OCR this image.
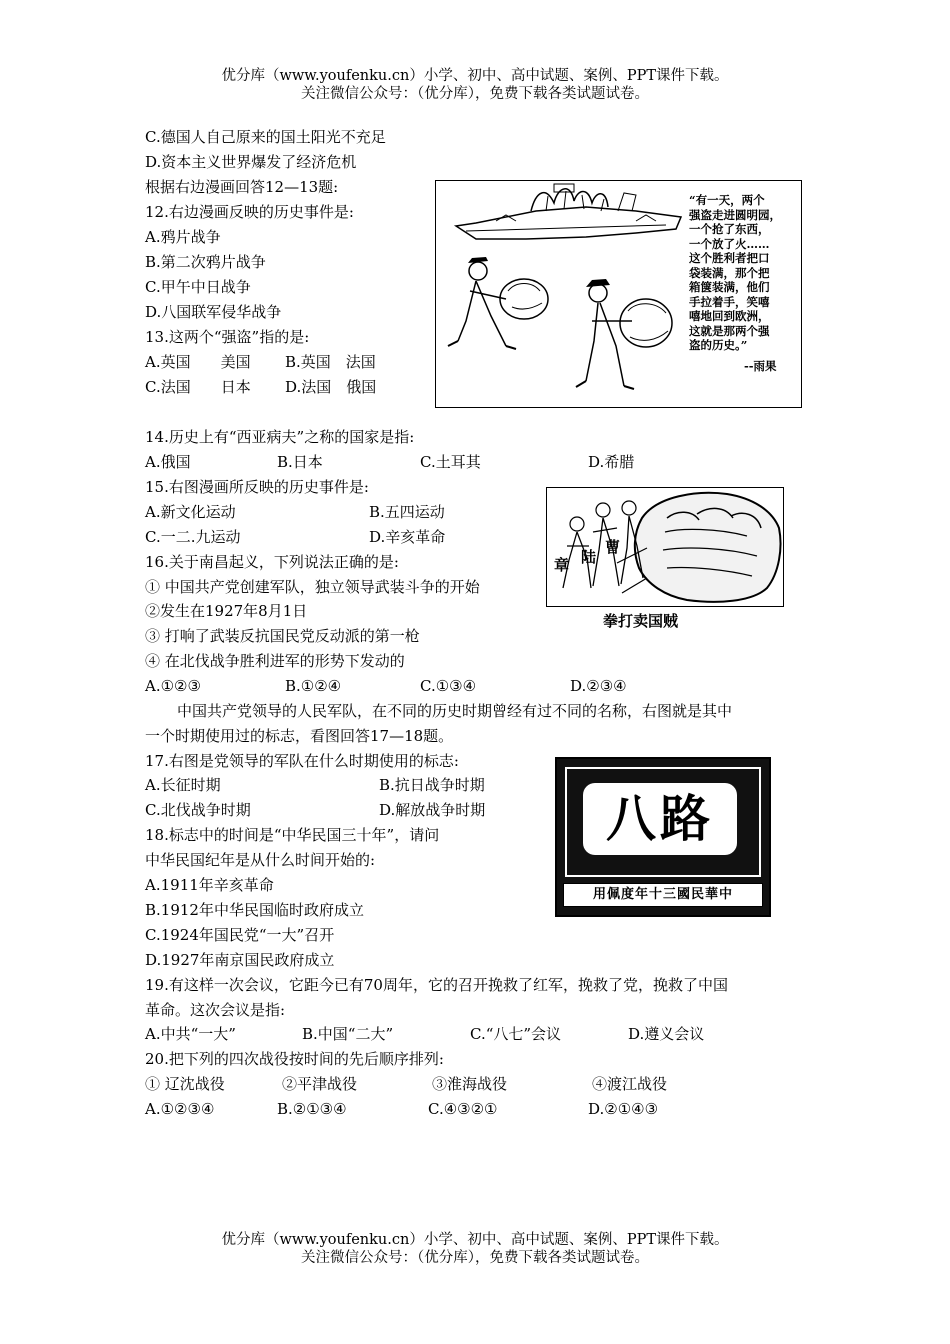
优分库（www.youfenku.cn）小学、初中、高中试题、案例、PPT课件下载。
关注微信公众号：（优分库），免费下载各类试题试卷。
C.德国人自己原来的国土阳光不充足
D.资本主义世界爆发了经济危机
根据右边漫画回答12—13题:
12.右边漫画反映的历史事件是:
A.鸦片战争
B.第二次鸦片战争
C.甲午中日战争
D.八国联军侵华战争
13.这两个“强盗”指的是:
A.英国　　美国 B.英国　法国
C.法国　　日本 D.法国　俄国
“有一天，两个
强盗走进圆明园，
一个抢了东西，
一个放了火……
这个胜利者把口
袋装满，那个把
箱箧装满，他们
手拉着手，笑嘻
嘻地回到欧洲，
这就是那两个强
盗的历史。”
--雨果
14.历史上有“西亚病夫”之称的国家是指:
A.俄国	B.日本	C.土耳其	D.希腊
15.右图漫画所反映的历史事件是:
A.新文化运动	B.五四运动
C.一二.九运动	D.辛亥革命
章 陆
曹
拳打卖国贼
16.关于南昌起义，下列说法正确的是:
① 中国共产党创建军队，独立领导武装斗争的开始
②发生在1927年8月1日
③ 打响了武装反抗国民党反动派的第一枪
④ 在北伐战争胜利进军的形势下发动的
A.①②③	B.①②④	C.①③④	D.②③④
中国共产党领导的人民军队，在不同的历史时期曾经有过不同的名称，右图就是其中
一个时期使用过的标志，看图回答17—18题。
17.右图是党领导的军队在什么时期使用的标志:
A.长征时期	B.抗日战争时期
C.北伐战争时期	D.解放战争时期	八路
中華民國三十年度佩用
18.标志中的时间是“中华民国三十年”，请问
中华民国纪年是从什么时间开始的:
A.1911年辛亥革命
B.1912年中华民国临时政府成立
C.1924年国民党“一大”召开
D.1927年南京国民政府成立
19.有这样一次会议，它距今已有70周年，它的召开挽救了红军，挽救了党，挽救了中国
革命。这次会议是指:
A.中共“一大”	B.中国“二大”	C.“八七”会议	D.遵义会议
20.把下列的四次战役按时间的先后顺序排列:
① 辽沈战役	②平津战役	③淮海战役	④渡江战役
A.①②③④	B.②①③④	C.④③②①	D.②①④③
优分库（www.youfenku.cn）小学、初中、高中试题、案例、PPT课件下载。
关注微信公众号：（优分库），免费下载各类试题试卷。
